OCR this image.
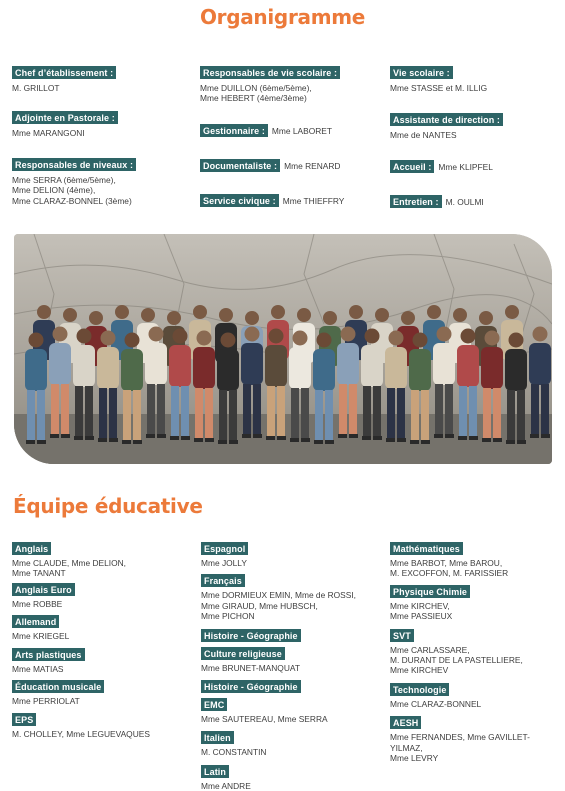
Organigramme
Chef d’établissement :
M. GRILLOT
Adjointe en Pastorale :
Mme MARANGONI
Responsables de niveaux :
Mme SERRA (6ème/5ème),
Mme DELION (4ème),
Mme CLARAZ-BONNEL (3ème)
Responsables de vie scolaire :
Mme DUILLON (6ème/5ème),
Mme HEBERT (4ème/3ème)
Gestionnaire : Mme LABORET
Documentaliste : Mme RENARD
Service civique : Mme THIEFFRY
Vie scolaire :
Mme STASSE et M. ILLIG
Assistante de direction :
Mme de NANTES
Accueil : Mme KLIPFEL
Entretien : M. OULMI
Équipe éducative
Anglais
Mme CLAUDE, Mme DELION,
Mme TANANT
Anglais Euro
Mme ROBBE
Allemand
Mme KRIEGEL
Arts plastiques
Mme MATIAS
Éducation musicale
Mme PERRIOLAT
EPS
M. CHOLLEY, Mme LEGUEVAQUES
Espagnol
Mme JOLLY
Français
Mme DORMIEUX EMIN, Mme de ROSSI,
Mme GIRAUD, Mme HUBSCH,
Mme PICHON
Histoire - Géographie
Culture religieuse
Mme BRUNET-MANQUAT
Histoire - Géographie
EMC
Mme SAUTEREAU, Mme SERRA
Italien
M. CONSTANTIN
Latin
Mme ANDRE
Mathématiques
Mme BARBOT, Mme BAROU,
M. EXCOFFON, M. FARISSIER
Physique Chimie
Mme KIRCHEV,
Mme PASSIEUX
SVT
Mme CARLASSARE,
M. DURANT DE LA PASTELLIERE,
Mme KIRCHEV
Technologie
Mme CLARAZ-BONNEL
AESH
Mme FERNANDES, Mme GAVILLET-YILMAZ,
Mme LEVRY
